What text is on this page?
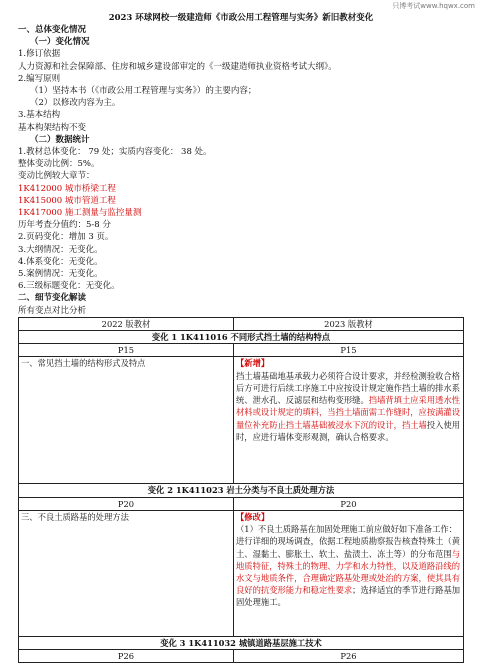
只博考试www.hqwx.com
2023 环球网校一级建造师《市政公用工程管理与实务》新旧教材变化
一、总体变化情况
（一）变化情况
1.修订依据
人力资源和社会保障部、住房和城乡建设部审定的《一级建造师执业资格考试大纲》。
2.编写原则
（1）坚持本书（《市政公用工程管理与实务》）的主要内容；
（2）以修改内容为主。
3.基本结构
基本构架结构不变
（二）数据统计
1.教材总体变化： 79 处；实质内容变化： 38 处。
整体变动比例：5%。
变动比例较大章节：
1K412000 城市桥梁工程
1K415000 城市管道工程
1K417000 施工测量与监控量测
历年考查分值约：5-8 分
2.页码变化：增加 3 页。
3.大纲情况：无变化。
4.体系变化：无变化。
5.案例情况：无变化。
6.三级标题变化：无变化。
二、细节变化解读
所有变点对比分析
2022 版教材	2023 版教材
变化 1 1K411016 不同形式挡土墙的结构特点	
P15	P15
一、常见挡土墙的结构形式及特点	【新增】
挡土墙基础地基承载力必须符合设计要求，并经检测验收合格后方可进行后续工序施工中应按设计规定施作挡土墙的排水系统、泄水孔、反滤层和结构变形缝。挡墙背填土应采用透水性材料或设计规定的填料，当挡土墙面需工作缝时，应按满灌设量位补充防止挡土墙基础被浸水下沉的设计，挡土墙投入使用时，应进行墙体变形观测，确认合格要求。

变化 2 1K411023 岩土分类与不良土质处理方法	
P20	P20
三、不良土质路基的处理方法	【修改】
（1）不良土质路基在加固处理施工前应做好如下准备工作：进行详细的现场调查，依据工程地质勘察报告核查特殊土（黄土、湿黏土、膨胀土、软土、盐渍土、冻土等）的分布范围与地质特征，特殊土的物理、力学和水力特性，以及道路沿线的水文与地质条件，合理确定路基处理或处治的方案，使其具有良好的抗变形能力和稳定性要求；选择适宜的季节进行路基加固处理施工。

变化 3 1K411032 城镇道路基层施工技术	
P26	P26
